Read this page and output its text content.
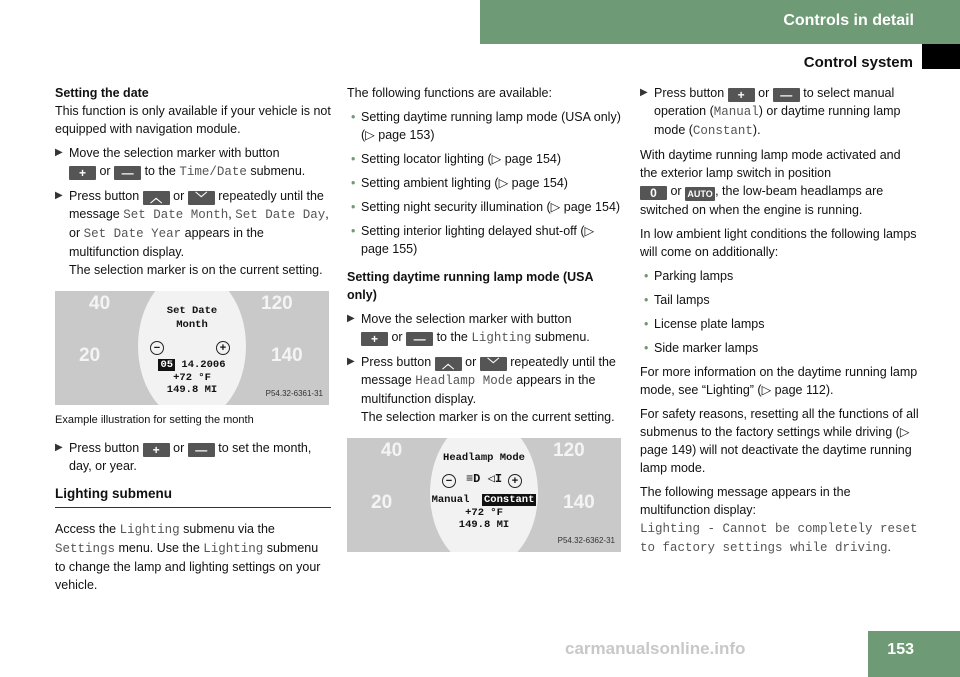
Controls in detail
Control system

Setting the date

This function is only available if your vehicle is not equipped with navigation module.

▶ Move the selection marker with button
+ or — to the Time/Date submenu.
▶ Press button ︿ or ﹀ repeatedly until the message Set Date Month, Set Date Day, or Set Date Year appears in the multifunction display.
The selection marker is on the current setting.
40
20
120
140
Set Date
Month
−	+
05 14.2006
+72 °F
149.8 MI	P54.32-6361-31

Example illustration for setting the month

▶ Press button + or — to set the month, day, or year.
Lighting submenu

Access the Lighting submenu via the Settings menu. Use the Lighting submenu to change the lamp and lighting settings on your vehicle.

The following functions are available:

• Setting daytime running lamp mode (USA only) (▷ page 153)
• Setting locator lighting (▷ page 154)
• Setting ambient lighting (▷ page 154)
• Setting night security illumination (▷ page 154)
• Setting interior lighting delayed shut-off (▷ page 155)

Setting daytime running lamp mode (USA only)

▶ Move the selection marker with button
+ or — to the Lighting submenu.
▶ Press button ︿ or ﹀ repeatedly until the message Headlamp Mode appears in the multifunction display.
The selection marker is on the current setting.
40
20
120
140
Headlamp Mode
−	≡D ◁I +
Manual Constant
+72 °F
149.8 MI
P54.32-6362-31
▶ Press button + or — to select manual operation (Manual) or daytime running lamp mode (Constant).

With daytime running lamp mode activated and the exterior lamp switch in position
0 or AUTO , the low-beam headlamps are switched on when the engine is running.

In low ambient light conditions the following lamps will come on additionally:

• Parking lamps
• Tail lamps
• License plate lamps
• Side marker lamps

For more information on the daytime running lamp mode, see “Lighting” (▷ page 112).

For safety reasons, resetting all the functions of all submenus to the factory settings while driving (▷ page 149) will not deactivate the daytime running lamp mode.

The following message appears in the multifunction display:

Lighting - Cannot be completely reset to factory settings while driving.

153
carmanualsonline.info
